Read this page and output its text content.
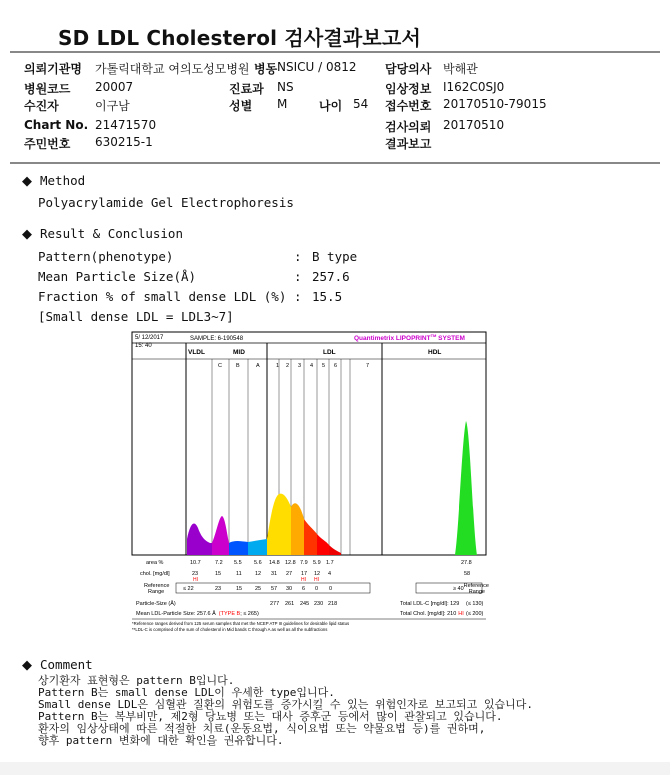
SD LDL Cholesterol 검사결과보고서
의뢰기관명 가톨릭대학교 여의도성모병원 병동 NSICU / 0812 담당의사 박해관
병원코드 20007	진료과 NS	임상정보 I162C0SJ0
수진자	이구남	성별 M	나이 54 접수번호 20170510-79015
Chart No. 21471570	검사의뢰 20170510
주민번호 630215-1	결과보고
◆ Method
Polyacrylamide Gel Electrophoresis
◆ Result & Conclusion
Pattern(phenotype)	: B type
Mean Particle Size(Å)	: 257.6
Fraction % of small dense LDL (%) : 15.5
[Small dense LDL = LDL3~7]
5/ 12/2017
15: 40
SAMPLE: 6-190548	Quantimetrix LIPOPRINT™ SYSTEM
VLDL	MID	LDL	HDL
C	B	A	1 2 3 4 5 6	7
area %	10.7	7.2 5.5 5.6 14.8 12.8 7.9 5.9 1.7	27.8
chol. [mg/dl]	23	15	11 12 31 27 17 12 4	58
HI	HI HI
Reference
Range
Reference
Range
≤ 22	23	15 25 57 30 6 0 0	≥ 40
Particle-Size (Å)	277 261 245 230 218
Mean LDL-Particle Size: 257.6 Å (TYPE B; ≤ 265)
Total LDL-C [mg/dl]: 129 (≤ 130)
Total Chol. [mg/dl]: 210 HI (≤ 200)
*Reference ranges derived from 125 serum samples that met the NCEP ATP III guidelines for desirable lipid status
**LDL-C is comprised of the sum of cholesterol in Mid bands C through A as well as all the subfractions
◆ Comment
상기환자 표현형은 pattern B입니다.
Pattern B는 small dense LDL이 우세한 type입니다.
Small dense LDL은 심혈관 질환의 위험도를 증가시킬 수 있는 위험인자로 보고되고 있습니다.
Pattern B는 복부비만, 제2형 당뇨병 또는 대사 증후군 등에서 많이 관찰되고 있습니다.
환자의 임상상태에 따른 적절한 치료(운동요법, 식이요법 또는 약물요법 등)를 권하며,
향후 pattern 변화에 대한 확인을 권유합니다.
